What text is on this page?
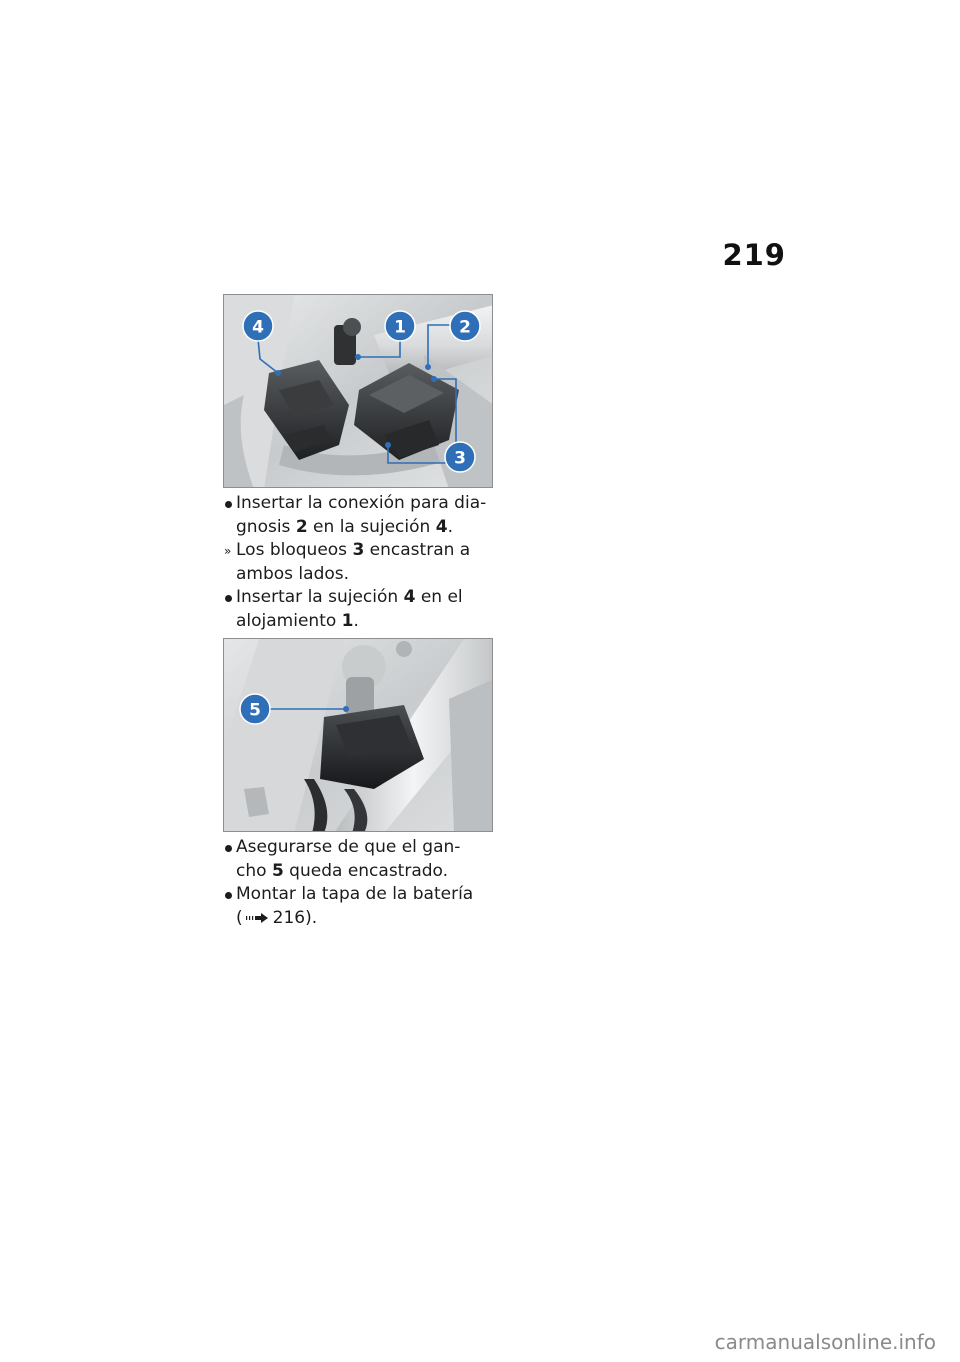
219
4	1	2
3
Insertar la conexión para dia-
gnosis 2 en la sujeción 4.
» Los bloqueos 3 encastran a
ambos lados.
Insertar la sujeción 4 en el
alojamiento 1.
5
Asegurarse de que el gan-
cho 5 queda encastrado.
Montar la tapa de la batería
( 216).
carmanualsonline.info
